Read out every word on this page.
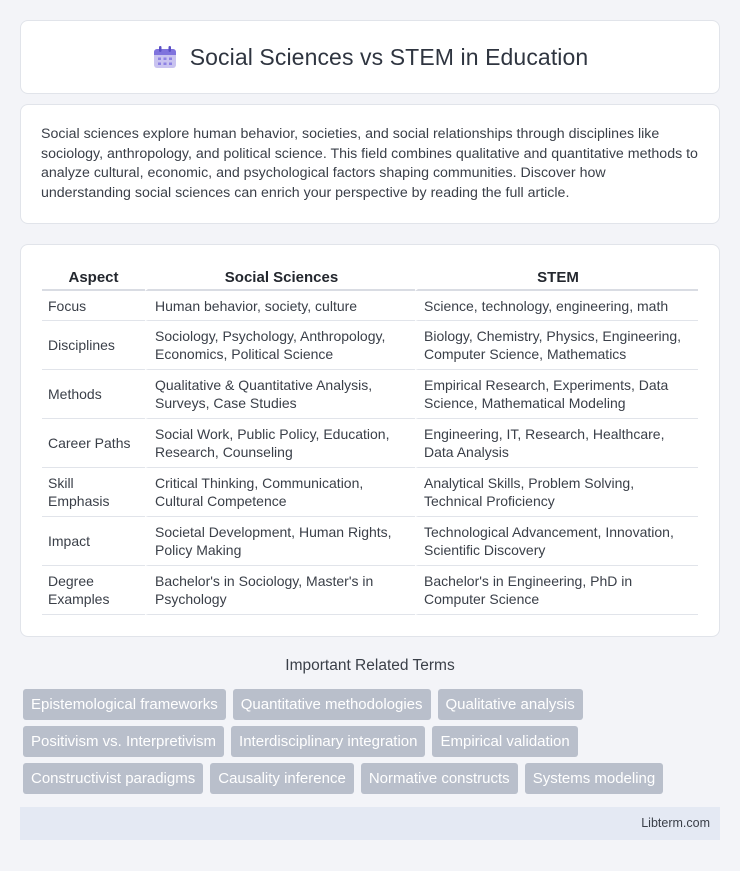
Social Sciences vs STEM in Education

Social sciences explore human behavior, societies, and social relationships through disciplines like sociology, anthropology, and political science. This field combines qualitative and quantitative methods to analyze cultural, economic, and psychological factors shaping communities. Discover how understanding social sciences can enrich your perspective by reading the full article.

Aspect	Social Sciences	STEM
Focus	Human behavior, society, culture	Science, technology, engineering, math
Disciplines	Sociology, Psychology, Anthropology, Economics, Political Science	Biology, Chemistry, Physics, Engineering, Computer Science, Mathematics
Methods	Qualitative & Quantitative Analysis, Surveys, Case Studies	Empirical Research, Experiments, Data Science, Mathematical Modeling
Career Paths	Social Work, Public Policy, Education, Research, Counseling	Engineering, IT, Research, Healthcare, Data Analysis
Skill Emphasis	Critical Thinking, Communication, Cultural Competence	Analytical Skills, Problem Solving, Technical Proficiency
Impact	Societal Development, Human Rights, Policy Making	Technological Advancement, Innovation, Scientific Discovery
Degree Examples	Bachelor's in Sociology, Master's in Psychology	Bachelor's in Engineering, PhD in Computer Science
Important Related Terms
Epistemological frameworks	Quantitative methodologies	Qualitative analysis
Positivism vs. Interpretivism	Interdisciplinary integration	Empirical validation
Constructivist paradigms	Causality inference	Normative constructs	Systems modeling
Libterm.com
